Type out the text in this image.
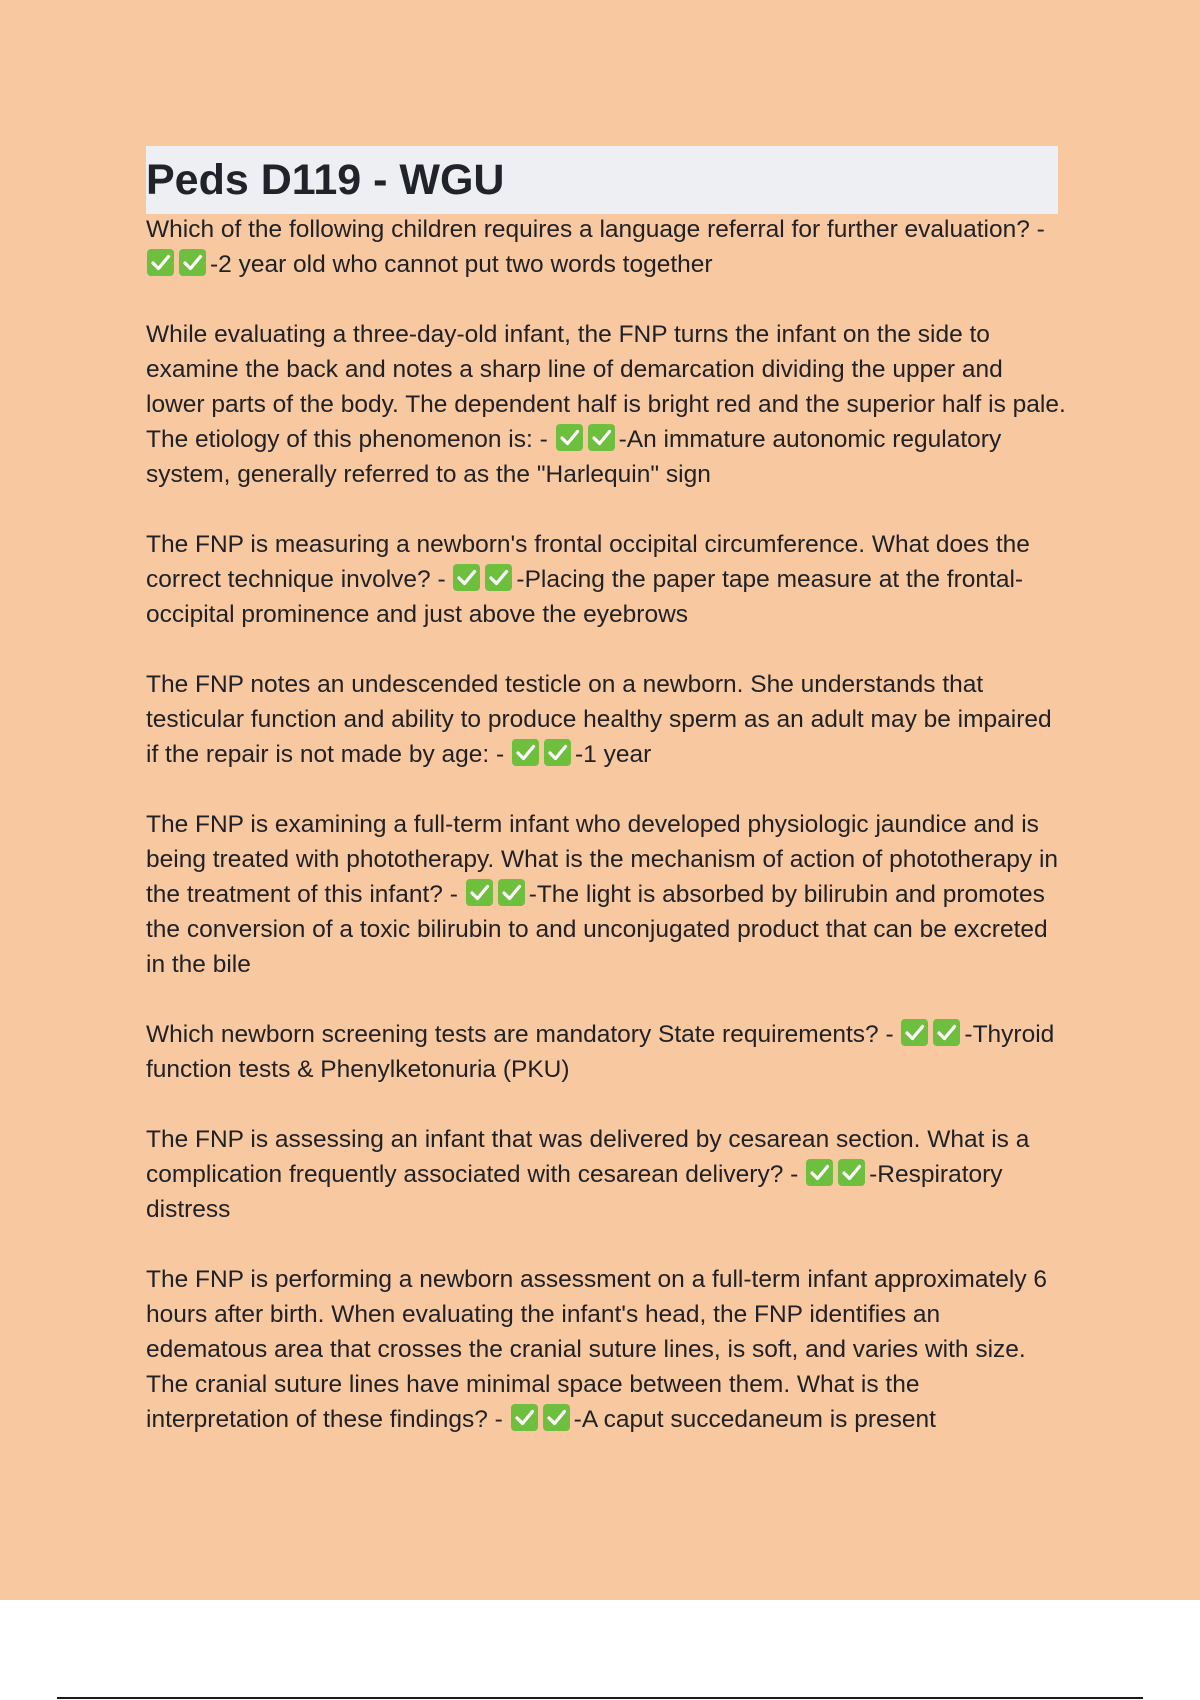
Peds D119 - WGU

Which of the following children requires a language referral for further evaluation? -
-2 year old who cannot put two words together

While evaluating a three-day-old infant, the FNP turns the infant on the side to examine the back and notes a sharp line of demarcation dividing the upper and lower parts of the body. The dependent half is bright red and the superior half is pale. The etiology of this phenomenon is: -	-An immature autonomic regulatory system, generally referred to as the "Harlequin" sign

The FNP is measuring a newborn's frontal occipital circumference. What does the correct technique involve? -	-Placing the paper tape measure at the frontal-occipital prominence and just above the eyebrows

The FNP notes an undescended testicle on a newborn. She understands that testicular function and ability to produce healthy sperm as an adult may be impaired if the repair is not made by age: -	-1 year

The FNP is examining a full-term infant who developed physiologic jaundice and is being treated with phototherapy. What is the mechanism of action of phototherapy in the treatment of this infant? -	-The light is absorbed by bilirubin and promotes the conversion of a toxic bilirubin to and unconjugated product that can be excreted in the bile

Which newborn screening tests are mandatory State requirements? -	-Thyroid function tests & Phenylketonuria (PKU)

The FNP is assessing an infant that was delivered by cesarean section. What is a complication frequently associated with cesarean delivery? -	-Respiratory distress

The FNP is performing a newborn assessment on a full-term infant approximately 6 hours after birth. When evaluating the infant's head, the FNP identifies an edematous area that crosses the cranial suture lines, is soft, and varies with size. The cranial suture lines have minimal space between them. What is the interpretation of these findings? -	-A caput succedaneum is present
